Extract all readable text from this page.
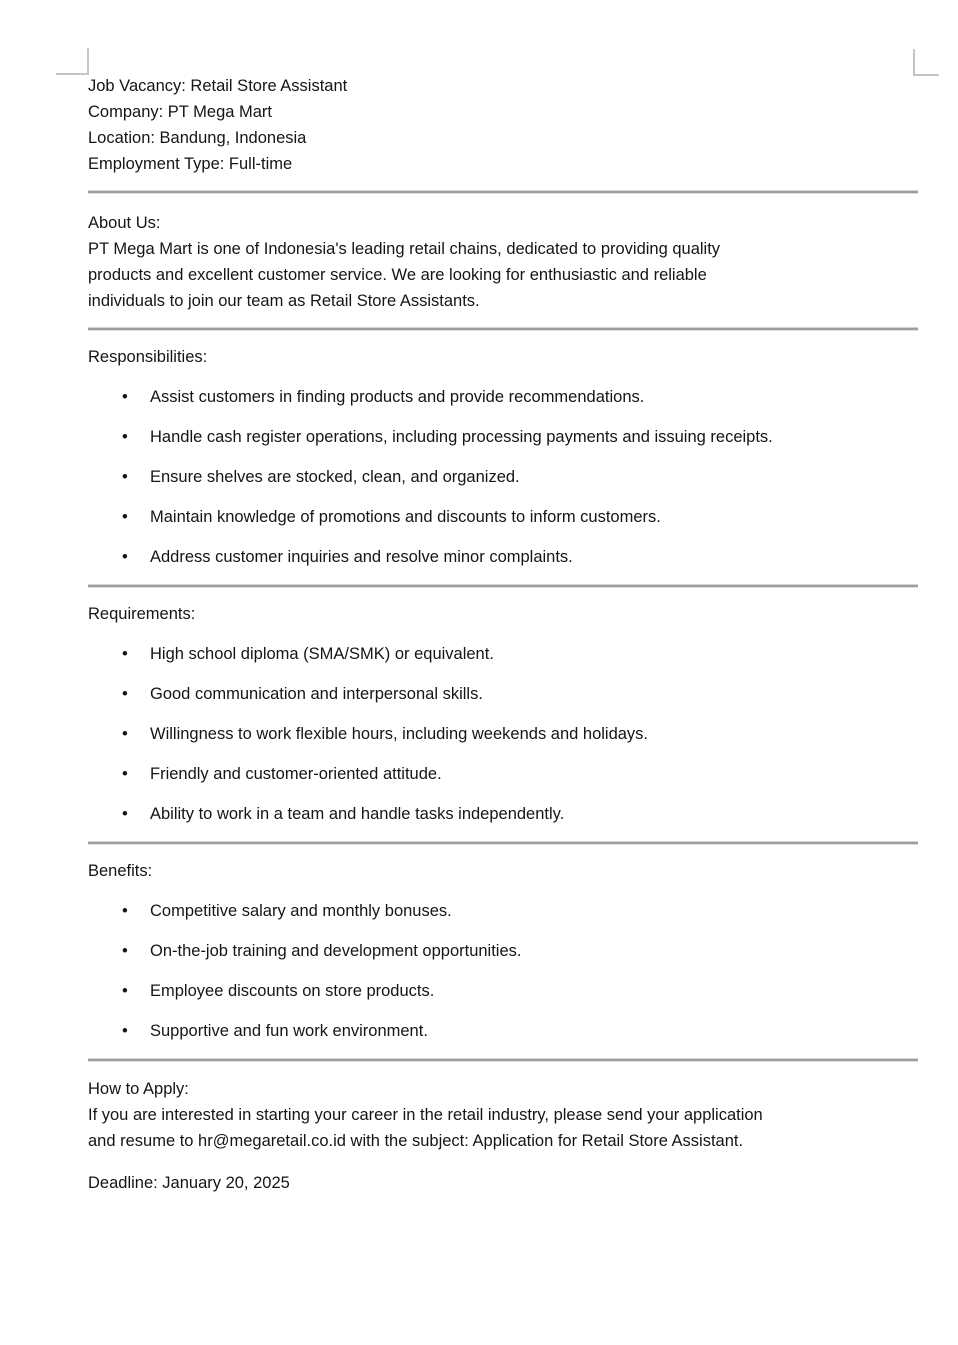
Job Vacancy: Retail Store Assistant

Company: PT Mega Mart

Location: Bandung, Indonesia

Employment Type: Full-time

About Us:

PT Mega Mart is one of Indonesia's leading retail chains, dedicated to providing quality

products and excellent customer service. We are looking for enthusiastic and reliable

individuals to join our team as Retail Store Assistants.

Responsibilities:

• Assist customers in finding products and provide recommendations.
• Handle cash register operations, including processing payments and issuing receipts.
• Ensure shelves are stocked, clean, and organized.
• Maintain knowledge of promotions and discounts to inform customers.
• Address customer inquiries and resolve minor complaints.

Requirements:

• High school diploma (SMA/SMK) or equivalent.
• Good communication and interpersonal skills.
• Willingness to work flexible hours, including weekends and holidays.
• Friendly and customer-oriented attitude.
• Ability to work in a team and handle tasks independently.

Benefits:

• Competitive salary and monthly bonuses.
• On-the-job training and development opportunities.
• Employee discounts on store products.
• Supportive and fun work environment.

How to Apply:

If you are interested in starting your career in the retail industry, please send your application

and resume to hr@megaretail.co.id with the subject: Application for Retail Store Assistant.

Deadline: January 20, 2025
